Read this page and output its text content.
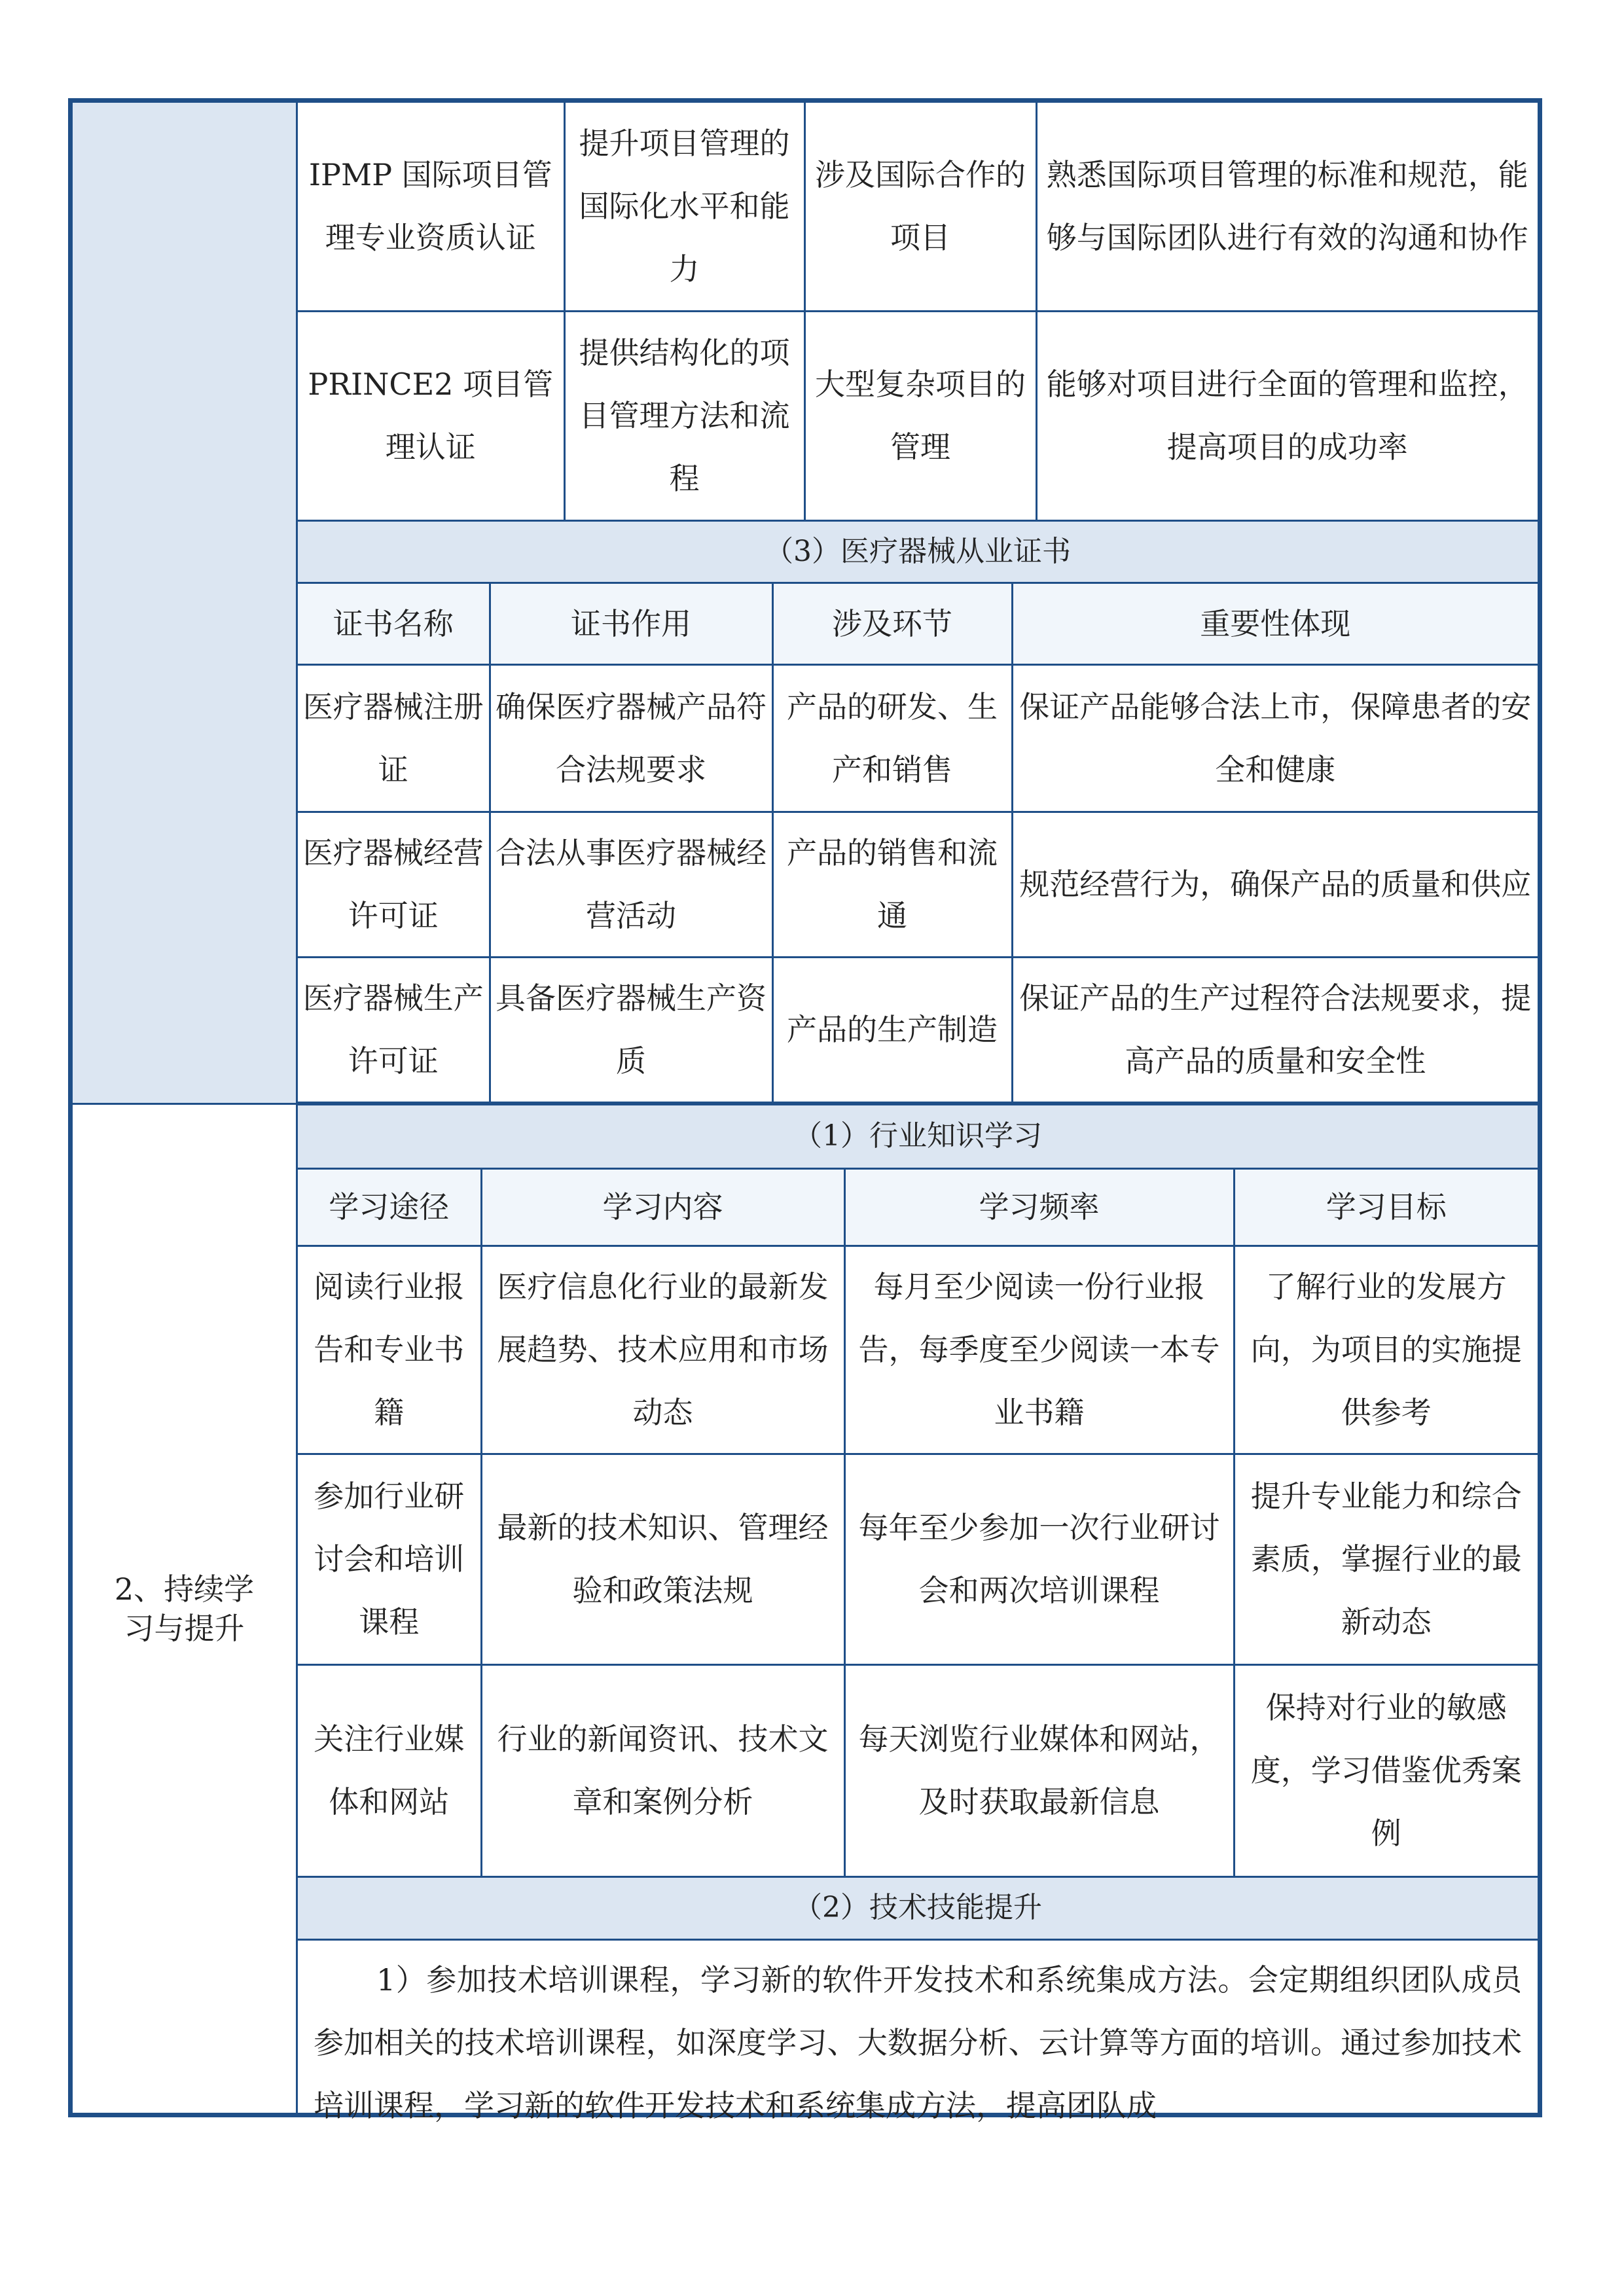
2、持续学习与提升
IPMP 国际项目管理专业资质认证	提升项目管理的国际化水平和能力	涉及国际合作的项目	熟悉国际项目管理的标准和规范，能够与国际团队进行有效的沟通和协作
PRINCE2 项目管理认证	提供结构化的项目管理方法和流程	大型复杂项目的管理	能够对项目进行全面的管理和监控，提高项目的成功率
（3）医疗器械从业证书			
证书名称	证书作用	涉及环节	重要性体现
医疗器械注册证	确保医疗器械产品符合法规要求	产品的研发、生产和销售	保证产品能够合法上市，保障患者的安全和健康
医疗器械经营许可证	合法从事医疗器械经营活动	产品的销售和流通	规范经营行为，确保产品的质量和供应
医疗器械生产许可证	具备医疗器械生产资质	产品的生产制造	保证产品的生产过程符合法规要求，提高产品的质量和安全性
（1）行业知识学习			
学习途径	学习内容	学习频率	学习目标
阅读行业报告和专业书籍	医疗信息化行业的最新发展趋势、技术应用和市场动态	每月至少阅读一份行业报告，每季度至少阅读一本专业书籍	了解行业的发展方向，为项目的实施提供参考
参加行业研讨会和培训课程	最新的技术知识、管理经验和政策法规	每年至少参加一次行业研讨会和两次培训课程	提升专业能力和综合素质，掌握行业的最新动态
关注行业媒体和网站	行业的新闻资讯、技术文章和案例分析	每天浏览行业媒体和网站，及时获取最新信息	保持对行业的敏感度，学习借鉴优秀案例
（2）技术技能提升			
1）参加技术培训课程，学习新的软件开发技术和系统集成方法。会定期组织团队成员参加相关的技术培训课程，如深度学习、大数据分析、云计算等方面的培训。通过参加技术培训课程，学习新的软件开发技术和系统集成方法，提高团队成
